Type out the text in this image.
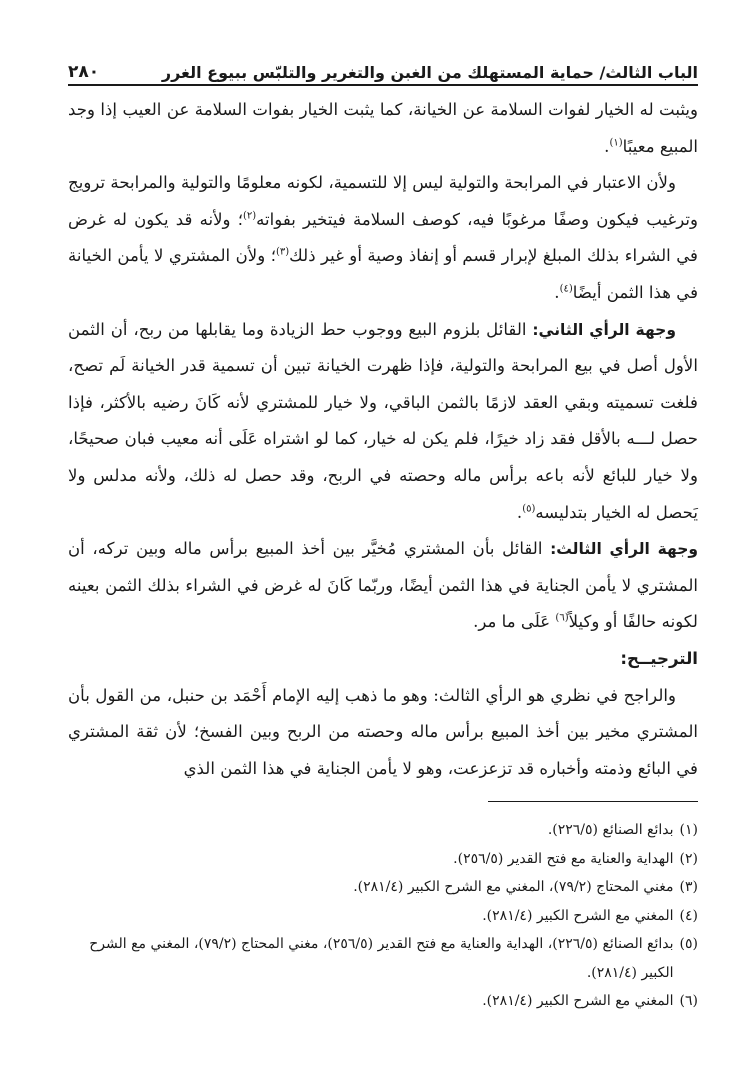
الباب الثالث/ حماية المستهلك من الغبن والتغرير والتلبّس ببيوع الغرر
٢٨٠

ويثبت له الخيار لفوات السلامة عن الخيانة، كما يثبت الخيار بفوات السلامة عن العيب إذا وجد المبيع معيبًا$^{(١)}$.

ولأن الاعتبار في المرابحة والتولية ليس إلا للتسمية، لكونه معلومًا والتولية والمرابحة ترويج وترغيب فيكون وصفًا مرغوبًا فيه، كوصف السلامة فيتخير بفواته$^{(٢)}$؛ ولأنه قد يكون له غرض في الشراء بذلك المبلغ لإبرار قسم أو إنفاذ وصية أو غير ذلك$^{(٣)}$؛ ولأن المشتري لا يأمن الخيانة في هذا الثمن أيضًا$^{(٤)}$.

وجهة الرأي الثاني: القائل بلزوم البيع ووجوب حط الزيادة وما يقابلها من ربح، أن الثمن الأول أصل في بيع المرابحة والتولية، فإذا ظهرت الخيانة تبين أن تسمية قدر الخيانة لَم تصح، فلغت تسميته وبقي العقد لازمًا بالثمن الباقي، ولا خيار للمشتري لأنه كَانَ رضيه بالأكثر، فإذا حصل لـــه بالأقل فقد زاد خيرًا، فلم يكن له خيار، كما لو اشتراه عَلَى أنه معيب فبان صحيحًا، ولا خيار للبائع لأنه باعه برأس ماله وحصته في الربح، وقد حصل له ذلك، ولأنه مدلس ولا يَحصل له الخيار بتدليسه$^{(٥)}$.

وجهة الرأي الثالث: القائل بأن المشتري مُخيَّر بين أخذ المبيع برأس ماله وبين تركه، أن المشتري لا يأمن الجناية في هذا الثمن أيضًا، وربّما كَانَ له غرض في الشراء بذلك الثمن بعينه لكونه حالفًا أو وكيلاً$^{(٦)}$ عَلَى ما مر.

الترجيــح:

والراجح في نظري هو الرأي الثالث: وهو ما ذهب إليه الإمام أَحْمَد بن حنبل، من القول بأن المشتري مخير بين أخذ المبيع برأس ماله وحصته من الربح وبين الفسخ؛ لأن ثقة المشتري في البائع وذمته وأخباره قد تزعزعت، وهو لا يأمن الجناية في هذا الثمن الذي

(١)
بدائع الصنائع (٢٢٦/٥).
(٢)
الهداية والعناية مع فتح القدير (٢٥٦/٥).
(٣)
مغني المحتاج (٧٩/٢)، المغني مع الشرح الكبير (٢٨١/٤).
(٤)
المغني مع الشرح الكبير (٢٨١/٤).
(٥)
بدائع الصنائع (٢٢٦/٥)، الهداية والعناية مع فتح القدير (٢٥٦/٥)، مغني المحتاج (٧٩/٢)، المغني مع الشرح الكبير (٢٨١/٤).
(٦)
المغني مع الشرح الكبير (٢٨١/٤).
